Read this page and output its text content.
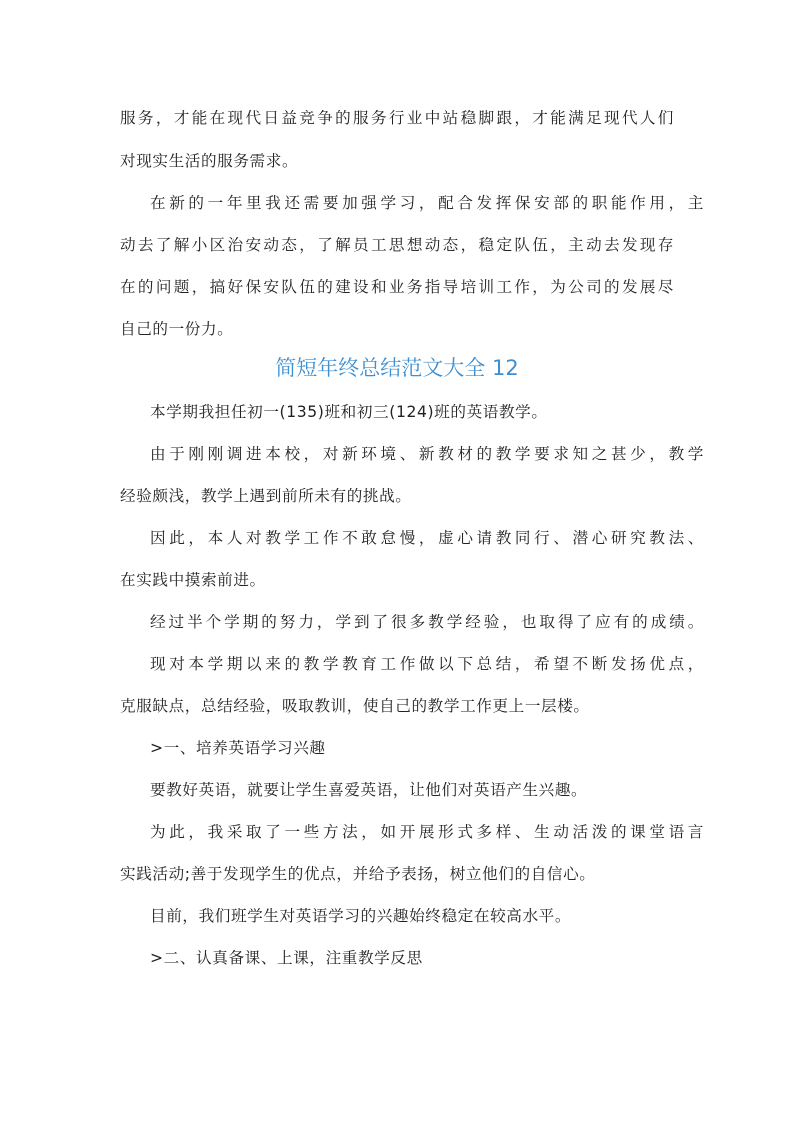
服务，才能在现代日益竞争的服务行业中站稳脚跟，才能满足现代人们
对现实生活的服务需求。
在新的一年里我还需要加强学习，配合发挥保安部的职能作用，主
动去了解小区治安动态，了解员工思想动态，稳定队伍，主动去发现存
在的问题，搞好保安队伍的建设和业务指导培训工作，为公司的发展尽
自己的一份力。
简短年终总结范文大全 12
本学期我担任初一(135)班和初三(124)班的英语教学。
由于刚刚调进本校，对新环境、新教材的教学要求知之甚少，教学
经验颇浅，教学上遇到前所未有的挑战。
因此，本人对教学工作不敢怠慢，虚心请教同行、潜心研究教法、
在实践中摸索前进。
经过半个学期的努力，学到了很多教学经验，也取得了应有的成绩。
现对本学期以来的教学教育工作做以下总结，希望不断发扬优点，
克服缺点，总结经验，吸取教训，使自己的教学工作更上一层楼。
>一、培养英语学习兴趣
要教好英语，就要让学生喜爱英语，让他们对英语产生兴趣。
为此，我采取了一些方法，如开展形式多样、生动活泼的课堂语言
实践活动;善于发现学生的优点，并给予表扬，树立他们的自信心。
目前，我们班学生对英语学习的兴趣始终稳定在较高水平。
>二、认真备课、上课，注重教学反思
